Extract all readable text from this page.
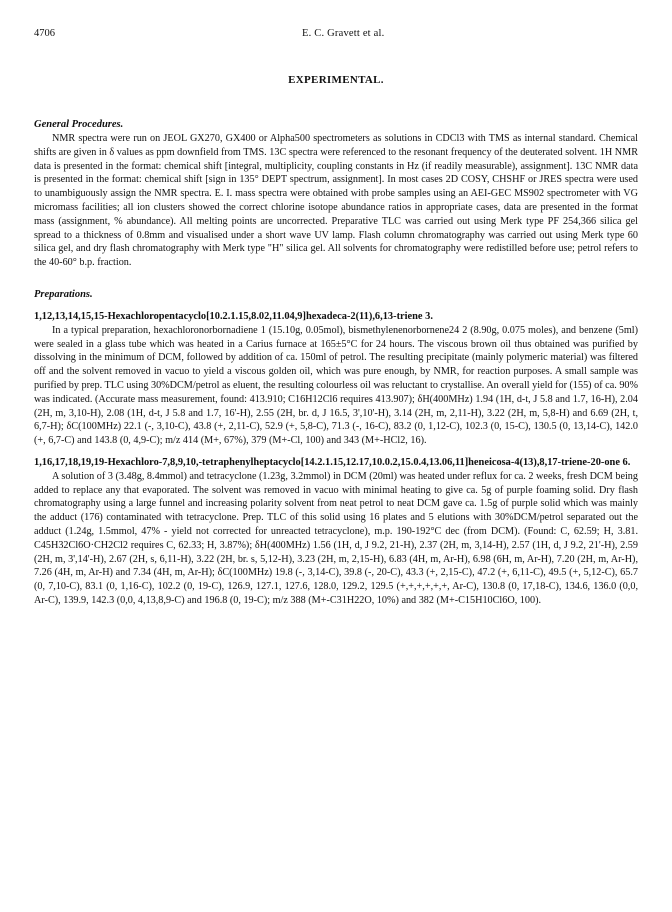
4706	E. C. Gravett et al.
EXPERIMENTAL.
General Procedures.

NMR spectra were run on JEOL GX270, GX400 or Alpha500 spectrometers as solutions in CDCl3 with TMS as internal standard. Chemical shifts are given in δ values as ppm downfield from TMS. 13C spectra were referenced to the resonant frequency of the deuterated solvent. 1H NMR data is presented in the format: chemical shift [integral, multiplicity, coupling constants in Hz (if readily measurable), assignment]. 13C NMR data is presented in the format: chemical shift [sign in 135° DEPT spectrum, assignment]. In most cases 2D COSY, CHSHF or JRES spectra were used to unambiguously assign the NMR spectra. E. I. mass spectra were obtained with probe samples using an AEI-GEC MS902 spectrometer with VG micromass facilities; all ion clusters showed the correct chlorine isotope abundance ratios in appropriate cases, data are presented in the format mass (assignment, % abundance). All melting points are uncorrected. Preparative TLC was carried out using Merk type PF 254,366 silica gel spread to a thickness of 0.8mm and visualised under a short wave UV lamp. Flash column chromatography was carried out using Merk type 60 silica gel, and dry flash chromatography with Merk type "H" silica gel. All solvents for chromatography were redistilled before use; petrol refers to the 40-60° b.p. fraction.

Preparations.
1,12,13,14,15,15-Hexachloropentacyclo[10.2.1.15,8.02,11.04,9]hexadeca-2(11),6,13-triene 3.

In a typical preparation, hexachloronorbornadiene 1 (15.10g, 0.05mol), bismethylenenorbornene24 2 (8.90g, 0.075 moles), and benzene (5ml) were sealed in a glass tube which was heated in a Carius furnace at 165±5°C for 24 hours. The viscous brown oil thus obtained was purified by dissolving in the minimum of DCM, followed by addition of ca. 150ml of petrol. The resulting precipitate (mainly polymeric material) was filtered off and the solvent removed in vacuo to yield a viscous golden oil, which was pure enough, by NMR, for reaction purposes. A small sample was purified by prep. TLC using 30%DCM/petrol as eluent, the resulting colourless oil was reluctant to crystallise. An overall yield for (155) of ca. 90% was indicated. (Accurate mass measurement, found: 413.910; C16H12Cl6 requires 413.907); δH(400MHz) 1.94 (1H, d-t, J 5.8 and 1.7, 16-H), 2.04 (2H, m, 3,10-H), 2.08 (1H, d-t, J 5.8 and 1.7, 16'-H), 2.55 (2H, br. d, J 16.5, 3',10'-H), 3.14 (2H, m, 2,11-H), 3.22 (2H, m, 5,8-H) and 6.69 (2H, t, 6,7-H); δC(100MHz) 22.1 (-, 3,10-C), 43.8 (+, 2,11-C), 52.9 (+, 5,8-C), 71.3 (-, 16-C), 83.2 (0, 1,12-C), 102.3 (0, 15-C), 130.5 (0, 13,14-C), 142.0 (+, 6,7-C) and 143.8 (0, 4,9-C); m/z 414 (M+, 67%), 379 (M+-Cl, 100) and 343 (M+-HCl2, 16).

1,16,17,18,19,19-Hexachloro-7,8,9,10,-tetraphenylheptacyclo[14.2.1.15,12.17,10.0.2,15.0.4,13.06,11]heneicosa-4(13),8,17-triene-20-one 6.

A solution of 3 (3.48g, 8.4mmol) and tetracyclone (1.23g, 3.2mmol) in DCM (20ml) was heated under reflux for ca. 2 weeks, fresh DCM being added to replace any that evaporated. The solvent was removed in vacuo with minimal heating to give ca. 5g of purple foaming solid. Dry flash chromatography using a large funnel and increasing polarity solvent from neat petrol to neat DCM gave ca. 1.5g of purple solid which was mainly the adduct (176) contaminated with tetracyclone. Prep. TLC of this solid using 16 plates and 5 elutions with 30%DCM/petrol separated out the adduct (1.24g, 1.5mmol, 47% - yield not corrected for unreacted tetracyclone), m.p. 190-192°C dec (from DCM). (Found: C, 62.59; H, 3.81. C45H32Cl6O·CH2Cl2 requires C, 62.33; H, 3.87%); δH(400MHz) 1.56 (1H, d, J 9.2, 21-H), 2.37 (2H, m, 3,14-H), 2.57 (1H, d, J 9.2, 21'-H), 2.59 (2H, m, 3',14'-H), 2.67 (2H, s, 6,11-H), 3.22 (2H, br. s, 5,12-H), 3.23 (2H, m, 2,15-H), 6.83 (4H, m, Ar-H), 6.98 (6H, m, Ar-H), 7.20 (2H, m, Ar-H), 7.26 (4H, m, Ar-H) and 7.34 (4H, m, Ar-H); δC(100MHz) 19.8 (-, 3,14-C), 39.8 (-, 20-C), 43.3 (+, 2,15-C), 47.2 (+, 6,11-C), 49.5 (+, 5,12-C), 65.7 (0, 7,10-C), 83.1 (0, 1,16-C), 102.2 (0, 19-C), 126.9, 127.1, 127.6, 128.0, 129.2, 129.5 (+,+,+,+,+,+, Ar-C), 130.8 (0, 17,18-C), 134.6, 136.0 (0,0, Ar-C), 139.9, 142.3 (0,0, 4,13,8,9-C) and 196.8 (0, 19-C); m/z 388 (M+-C31H22O, 10%) and 382 (M+-C15H10Cl6O, 100).
